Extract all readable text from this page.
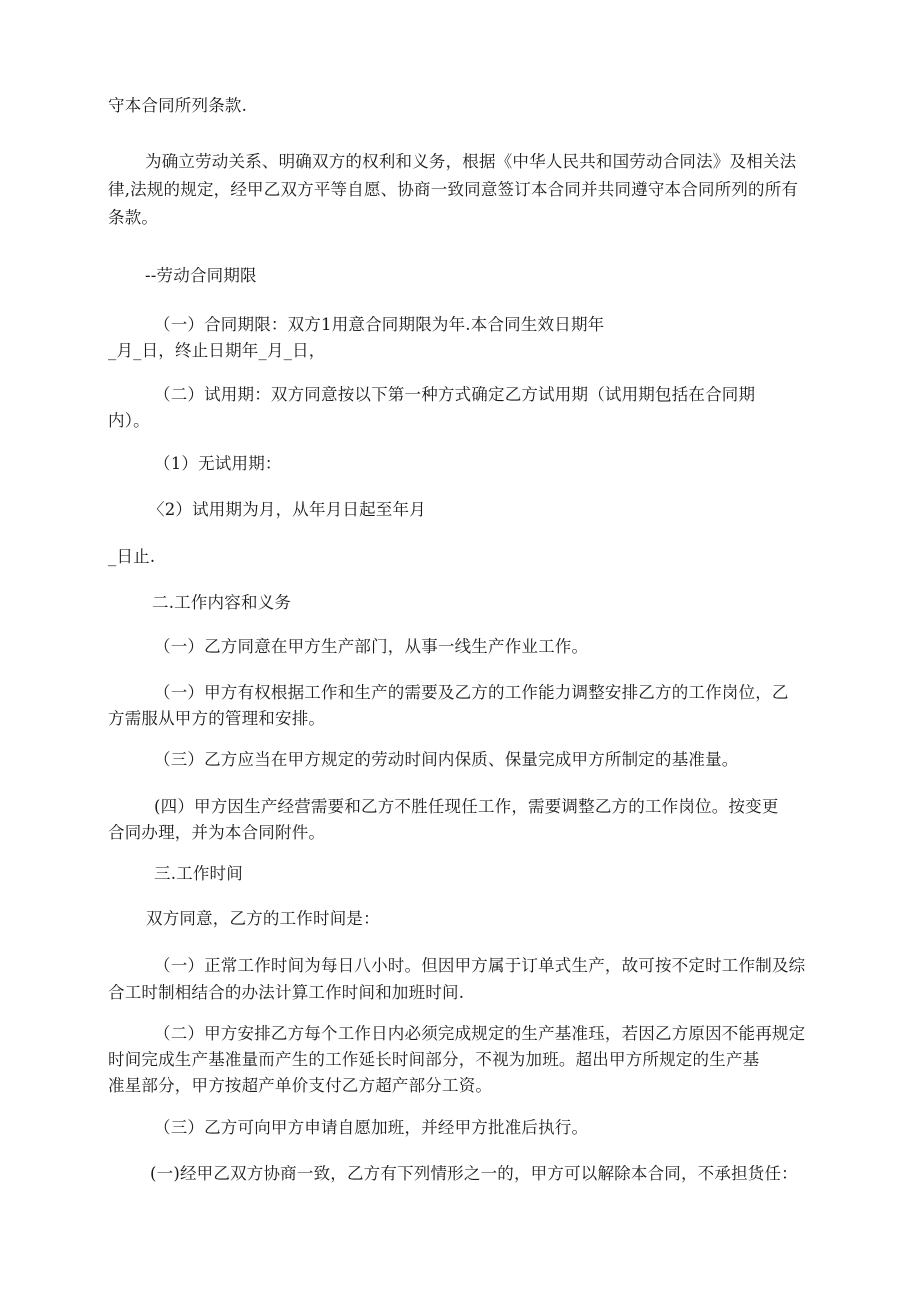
守本合同所列条款.
为确立劳动关系、明确双方的权利和义务，根据《中华人民共和国劳动合同法》及相关法
律,法规的规定，经甲乙双方平等自愿、协商一致同意签订本合同并共同遵守本合同所列的所有
条款。
--劳动合同期限
（一）合同期限：双方1用意合同期限为年.本合同生效日期年
_月_日，终止日期年_月_日，
（二）试用期：双方同意按以下第一种方式确定乙方试用期（试用期包括在合同期
内）。
（1）无试用期：
〈2）试用期为月，从年月日起至年月
_日止.
二.工作内容和义务
（一）乙方同意在甲方生产部门，从事一线生产作业工作。
（一）甲方有权根据工作和生产的需要及乙方的工作能力调整安排乙方的工作岗位，乙
方需服从甲方的管理和安排。
（三）乙方应当在甲方规定的劳动时间内保质、保量完成甲方所制定的基准量。
(四）甲方因生产经营需要和乙方不胜任现任工作，需要调整乙方的工作岗位。按变更
合同办理，并为本合同附件。
三.工作时间
双方同意，乙方的工作时间是：
（一）正常工作时间为每日八小时。但因甲方属于订单式生产，故可按不定时工作制及综
合工时制相结合的办法计算工作时间和加班时间.
（二）甲方安排乙方每个工作日内必须完成规定的生产基准珏，若因乙方原因不能再规定
时间完成生产基准量而产生的工作延长时间部分，不视为加班。超出甲方所规定的生产基
准星部分，甲方按超产单价支付乙方超产部分工资。
（三）乙方可向甲方申请自愿加班，并经甲方批准后执行。
(一)经甲乙双方协商一致，乙方有下列情形之一的，甲方可以解除本合同，不承担货任：
